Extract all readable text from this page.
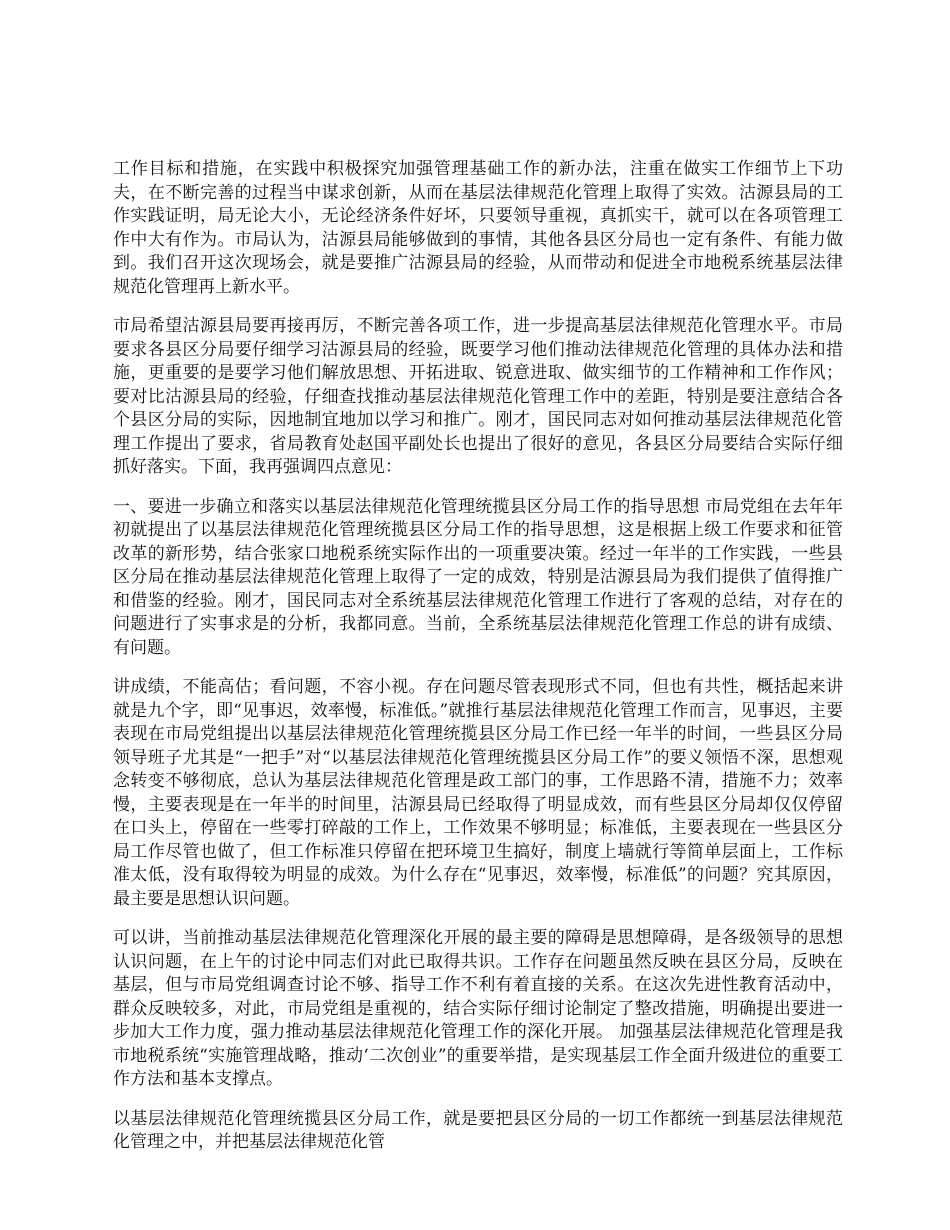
工作目标和措施，在实践中积极探究加强管理基础工作的新办法，注重在做实工作细节上下功夫，在不断完善的过程当中谋求创新，从而在基层法律规范化管理上取得了实效。沽源县局的工作实践证明，局无论大小，无论经济条件好坏，只要领导重视，真抓实干，就可以在各项管理工作中大有作为。市局认为，沽源县局能够做到的事情，其他各县区分局也一定有条件、有能力做到。我们召开这次现场会，就是要推广沽源县局的经验，从而带动和促进全市地税系统基层法律规范化管理再上新水平。

市局希望沽源县局要再接再厉，不断完善各项工作，进一步提高基层法律规范化管理水平。市局要求各县区分局要仔细学习沽源县局的经验，既要学习他们推动法律规范化管理的具体办法和措施，更重要的是要学习他们解放思想、开拓进取、锐意进取、做实细节的工作精神和工作作风；要对比沽源县局的经验，仔细查找推动基层法律规范化管理工作中的差距，特别是要注意结合各个县区分局的实际，因地制宜地加以学习和推广。刚才，国民同志对如何推动基层法律规范化管理工作提出了要求，省局教育处赵国平副处长也提出了很好的意见，各县区分局要结合实际仔细抓好落实。下面，我再强调四点意见：

一、要进一步确立和落实以基层法律规范化管理统揽县区分局工作的指导思想 市局党组在去年年初就提出了以基层法律规范化管理统揽县区分局工作的指导思想，这是根据上级工作要求和征管改革的新形势，结合张家口地税系统实际作出的一项重要决策。经过一年半的工作实践，一些县区分局在推动基层法律规范化管理上取得了一定的成效，特别是沽源县局为我们提供了值得推广和借鉴的经验。刚才，国民同志对全系统基层法律规范化管理工作进行了客观的总结，对存在的问题进行了实事求是的分析，我都同意。当前，全系统基层法律规范化管理工作总的讲有成绩、有问题。

讲成绩，不能高估；看问题，不容小视。存在问题尽管表现形式不同，但也有共性，概括起来讲就是九个字，即“见事迟，效率慢，标准低。”就推行基层法律规范化管理工作而言，见事迟，主要表现在市局党组提出以基层法律规范化管理统揽县区分局工作已经一年半的时间，一些县区分局领导班子尤其是“一把手”对“以基层法律规范化管理统揽县区分局工作”的要义领悟不深，思想观念转变不够彻底，总认为基层法律规范化管理是政工部门的事，工作思路不清，措施不力；效率慢，主要表现是在一年半的时间里，沽源县局已经取得了明显成效，而有些县区分局却仅仅停留在口头上，停留在一些零打碎敲的工作上，工作效果不够明显；标准低，主要表现在一些县区分局工作尽管也做了，但工作标准只停留在把环境卫生搞好，制度上墙就行等简单层面上，工作标准太低，没有取得较为明显的成效。为什么存在“见事迟，效率慢，标准低”的问题？究其原因，最主要是思想认识问题。

可以讲，当前推动基层法律规范化管理深化开展的最主要的障碍是思想障碍，是各级领导的思想认识问题，在上午的讨论中同志们对此已取得共识。工作存在问题虽然反映在县区分局，反映在基层，但与市局党组调查讨论不够、指导工作不利有着直接的关系。在这次先进性教育活动中，群众反映较多，对此，市局党组是重视的，结合实际仔细讨论制定了整改措施，明确提出要进一步加大工作力度，强力推动基层法律规范化管理工作的深化开展。 加强基层法律规范化管理是我市地税系统“实施管理战略，推动‘二次创业”的重要举措，是实现基层工作全面升级进位的重要工作方法和基本支撑点。

以基层法律规范化管理统揽县区分局工作，就是要把县区分局的一切工作都统一到基层法律规范化管理之中，并把基层法律规范化管
